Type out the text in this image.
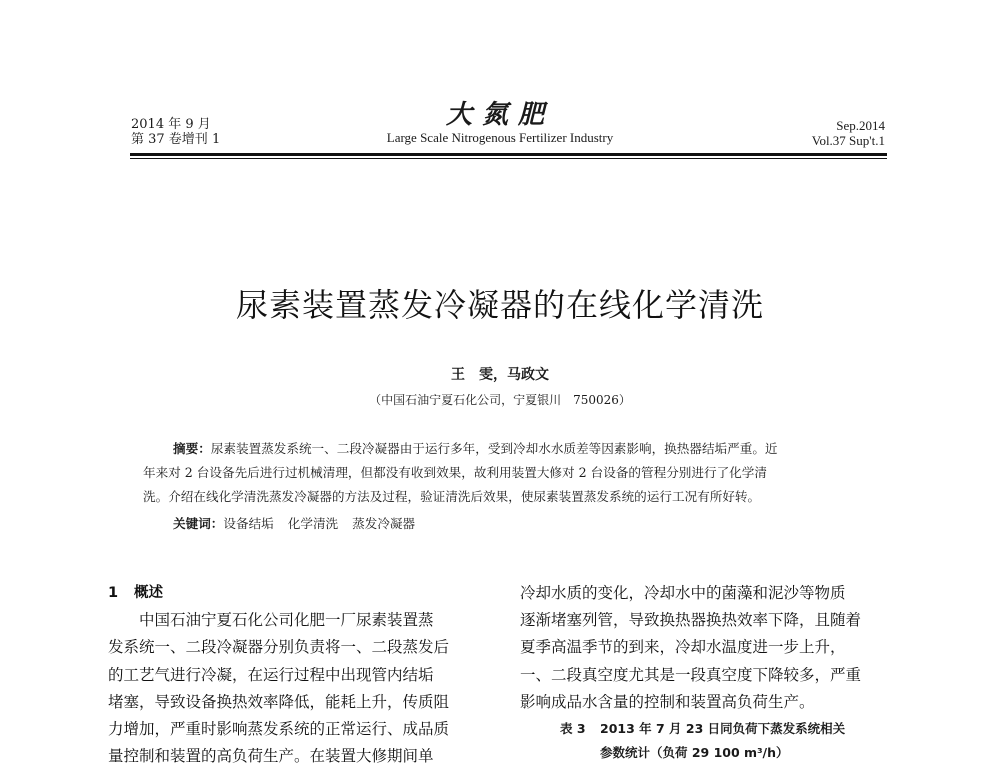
2014 年 9 月
第 37 卷增刊 1
大氮肥
Large Scale Nitrogenous Fertilizer Industry
Sep.2014
Vol.37 Sup't.1
尿素装置蒸发冷凝器的在线化学清洗
王　雯，马政文
（中国石油宁夏石化公司，宁夏银川　750026）
摘要：尿素装置蒸发系统一、二段冷凝器由于运行多年，受到冷却水水质差等因素影响，换热器结垢严重。近
年来对 2 台设备先后进行过机械清理，但都没有收到效果，故利用装置大修对 2 台设备的管程分别进行了化学清
洗。介绍在线化学清洗蒸发冷凝器的方法及过程，验证清洗后效果，使尿素装置蒸发系统的运行工况有所好转。
关键词：设备结垢 化学清洗 蒸发冷凝器
1 概述
中国石油宁夏石化公司化肥一厂尿素装置蒸
发系统一、二段冷凝器分别负责将一、二段蒸发后
的工艺气进行冷凝，在运行过程中出现管内结垢
堵塞，导致设备换热效率降低，能耗上升，传质阻
力增加，严重时影响蒸发系统的正常运行、成品质
量控制和装置的高负荷生产。在装置大修期间单
冷却水质的变化，冷却水中的菌藻和泥沙等物质
逐渐堵塞列管，导致换热器换热效率下降，且随着
夏季高温季节的到来，冷却水温度进一步上升，
一、二段真空度尤其是一段真空度下降较多，严重
影响成品水含量的控制和装置高负荷生产。
表 3 2013 年 7 月 23 日同负荷下蒸发系统相关
参数统计（负荷 29 100 m³/h）
